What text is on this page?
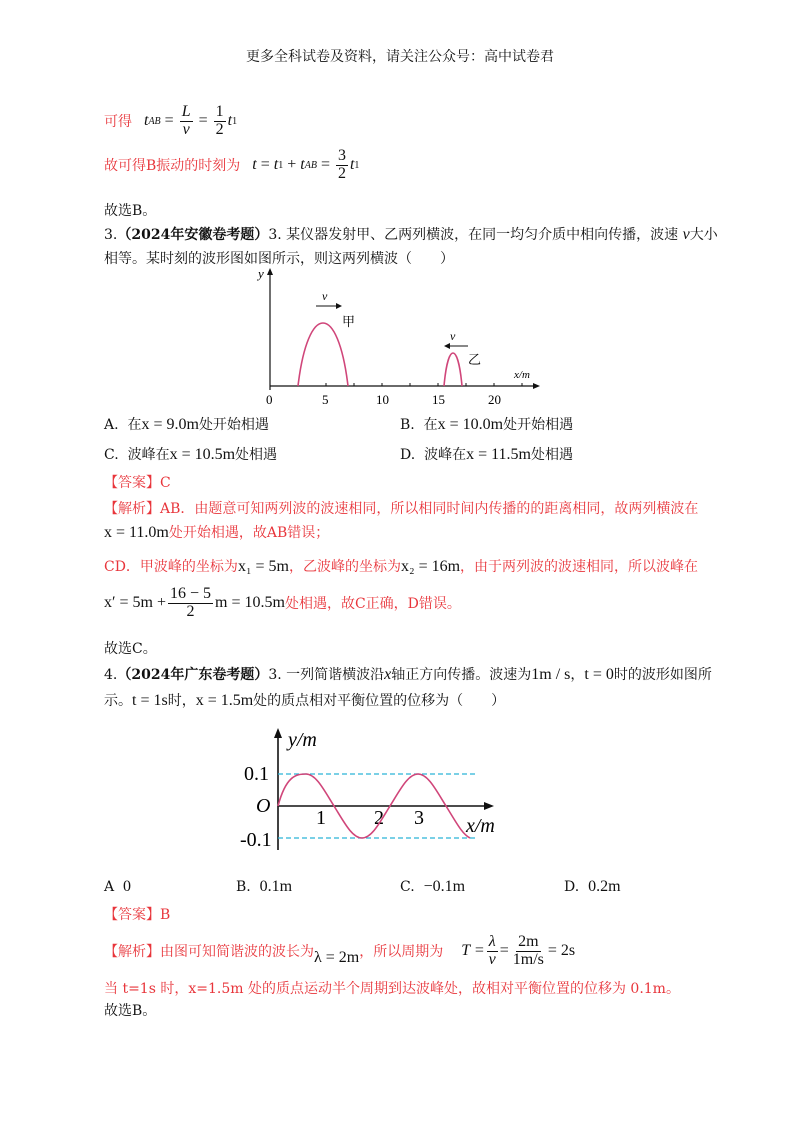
更多全科试卷及资料，请关注公众号：高中试卷君
可得 t AB = $\frac{L}{v} = \frac{1}{2}$ t 1
故可得B振动的时刻为 t = t 1 + t AB = $\frac{3}{2}$ t 1
故选B。
3.（2024年安徽卷考题）3. 某仪器发射甲、乙两列横波，在同一均匀介质中相向传播，波速 v大小
相等。某时刻的波形图如图所示，则这两列横波（　　）
y
x/m
0	5	10	15	20
v
甲
v
乙
A. 在x = 9.0m处开始相遇	B. 在x = 10.0m处开始相遇
C. 波峰在x = 10.5m处相遇	D. 波峰在x = 11.5m处相遇
【答案】C
【解析】AB．由题意可知两列波的波速相同，所以相同时间内传播的的距离相同，故两列横波在
x = 11.0m处开始相遇，故AB错误；
CD．甲波峰的坐标为x₁ = 5m，乙波峰的坐标为x₂ = 16m，由于两列波的波速相同，所以波峰在
$x' = 5m + \frac{16 - 5}{2}$ m = 10.5m 处相遇，故C正确，D错误。
故选C。
4.（2024年广东卷考题）3. 一列简谐横波沿x轴正方向传播。波速为1m / s，t = 0时的波形如图所
示。t = 1s时，x = 1.5m处的质点相对平衡位置的位移为（　　）
y/m
x/m
O
0.1
-0.1
1 2 3
A 0	B. 0.1m	C. −0.1m	D. 0.2m
【答案】B
【解析】 由图可知简谐波的波长为 λ = 2m ，所以周期为 $T = \frac{\lambda}{v} = \frac{2m}{1m/s} = 2s$
当 t=1s 时，x=1.5m 处的质点运动半个周期到达波峰处，故相对平衡位置的位移为 0.1m。
故选B。
